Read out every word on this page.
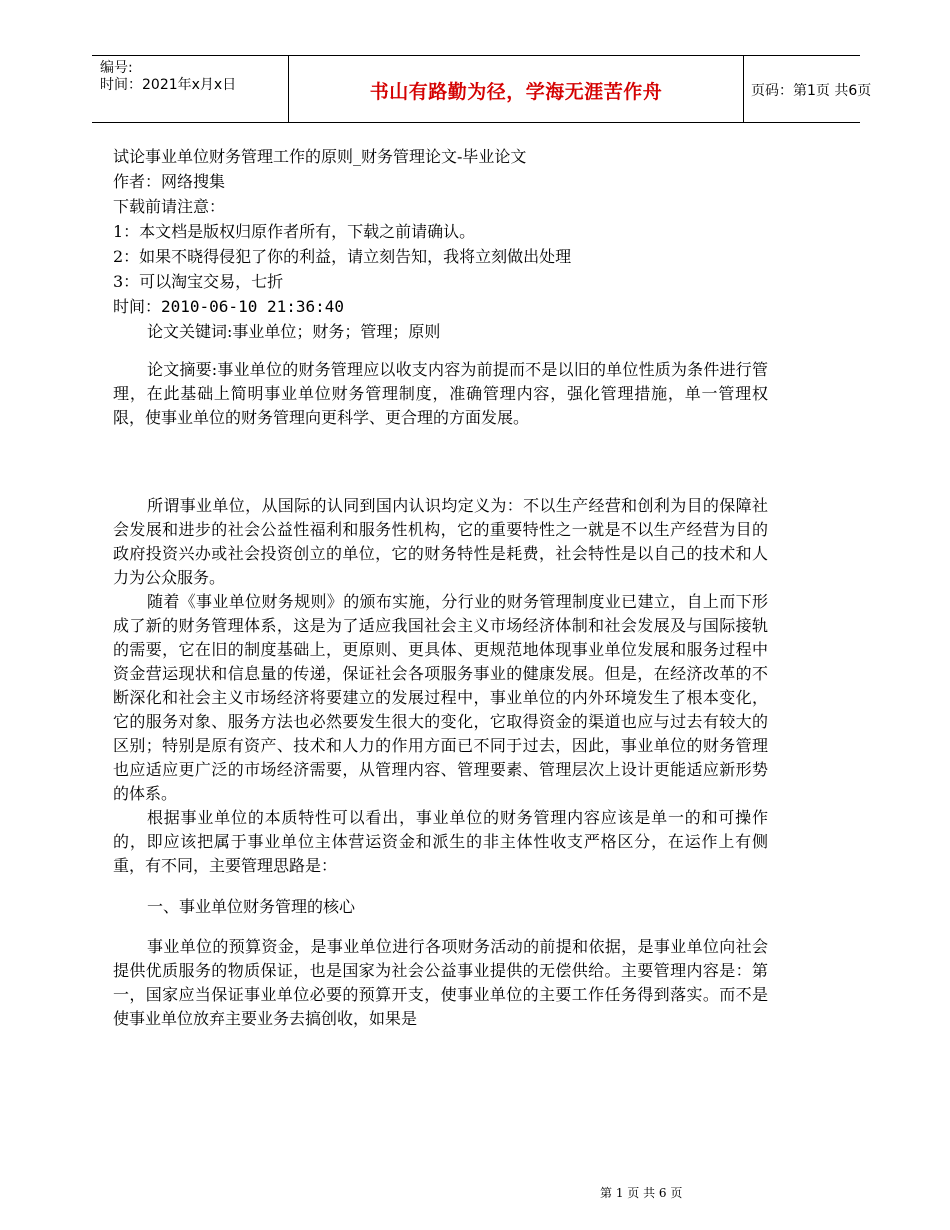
编号:
时间：2021年x月x日	书山有路勤为径，学海无涯苦作舟	页码：第1页 共6页
试论事业单位财务管理工作的原则_财务管理论文-毕业论文
作者：网络搜集
下载前请注意：
1：本文档是版权归原作者所有，下载之前请确认。
2：如果不晓得侵犯了你的利益，请立刻告知，我将立刻做出处理
3：可以淘宝交易，七折
时间：2010-06-10 21:36:40
论文关键词:事业单位；财务；管理；原则
论文摘要:事业单位的财务管理应以收支内容为前提而不是以旧的单位性质为条件进行管理，在此基础上简明事业单位财务管理制度，准确管理内容，强化管理措施，单一管理权限，使事业单位的财务管理向更科学、更合理的方面发展。
所谓事业单位，从国际的认同到国内认识均定义为：不以生产经营和创利为目的保障社会发展和进步的社会公益性福利和服务性机构，它的重要特性之一就是不以生产经营为目的政府投资兴办或社会投资创立的单位，它的财务特性是耗费，社会特性是以自己的技术和人力为公众服务。
随着《事业单位财务规则》的颁布实施，分行业的财务管理制度业已建立，自上而下形成了新的财务管理体系，这是为了适应我国社会主义市场经济体制和社会发展及与国际接轨的需要，它在旧的制度基础上，更原则、更具体、更规范地体现事业单位发展和服务过程中资金营运现状和信息量的传递，保证社会各项服务事业的健康发展。但是，在经济改革的不断深化和社会主义市场经济将要建立的发展过程中，事业单位的内外环境发生了根本变化，它的服务对象、服务方法也必然要发生很大的变化，它取得资金的渠道也应与过去有较大的区别；特别是原有资产、技术和人力的作用方面已不同于过去，因此，事业单位的财务管理也应适应更广泛的市场经济需要，从管理内容、管理要素、管理层次上设计更能适应新形势的体系。
根据事业单位的本质特性可以看出，事业单位的财务管理内容应该是单一的和可操作的，即应该把属于事业单位主体营运资金和派生的非主体性收支严格区分，在运作上有侧重，有不同，主要管理思路是：
一、事业单位财务管理的核心
事业单位的预算资金，是事业单位进行各项财务活动的前提和依据，是事业单位向社会提供优质服务的物质保证，也是国家为社会公益事业提供的无偿供给。主要管理内容是：第一，国家应当保证事业单位必要的预算开支，使事业单位的主要工作任务得到落实。而不是使事业单位放弃主要业务去搞创收，如果是
第 1 页 共 6 页
